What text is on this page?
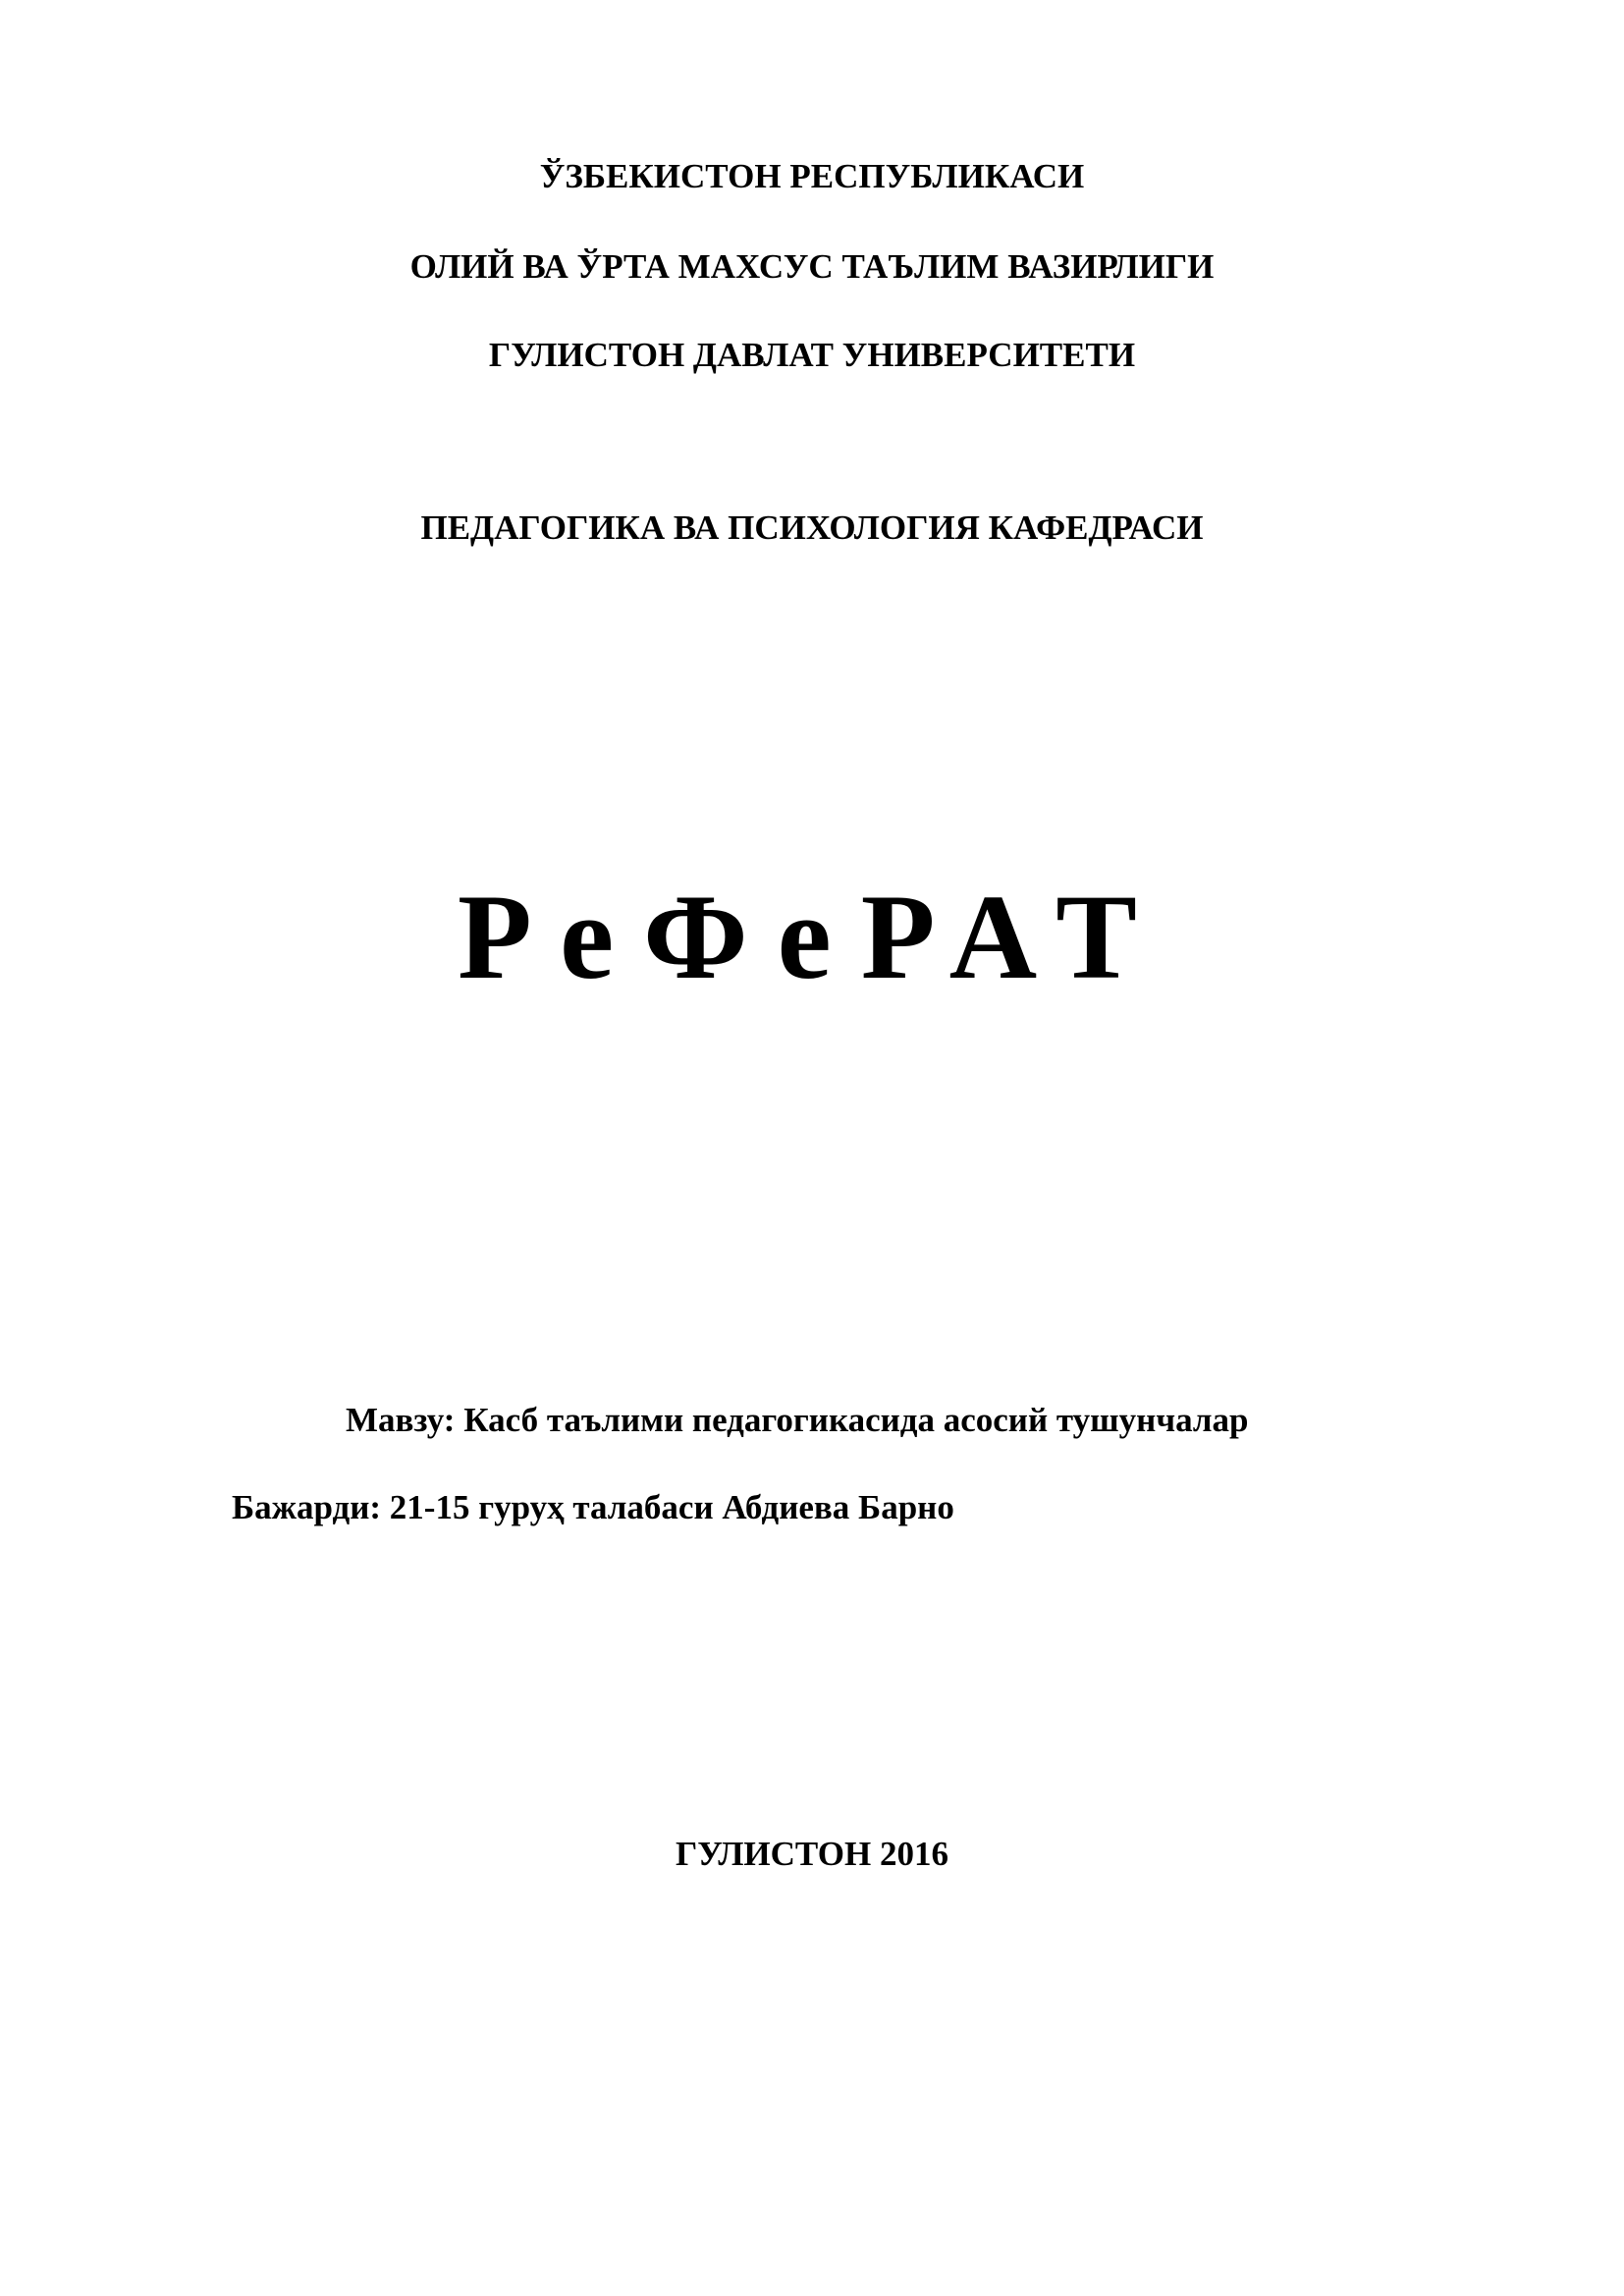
ЎЗБЕКИСТОН РЕСПУБЛИКАСИ
ОЛИЙ ВА ЎРТА МАХСУС ТАЪЛИМ ВАЗИРЛИГИ
ГУЛИСТОН ДАВЛАТ УНИВЕРСИТЕТИ
ПЕДАГОГИКА ВА ПСИХОЛОГИЯ КАФЕДРАСИ
РеФеРАТ
Мавзу: Касб таълими педагогикасида асосий тушунчалар
Бажарди: 21-15 гуруҳ талабаси Абдиева Барно
ГУЛИСТОН 2016
